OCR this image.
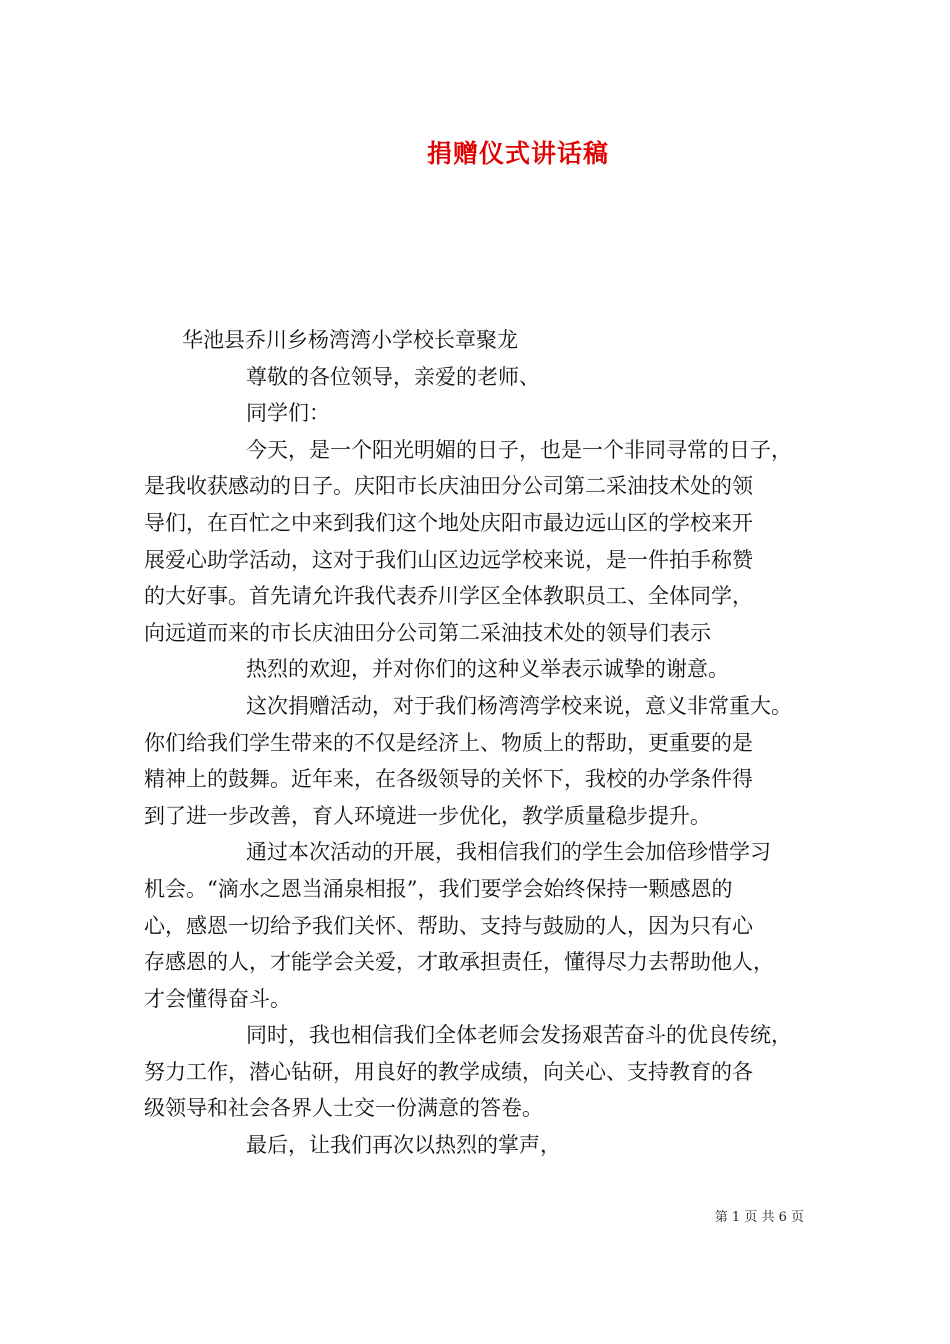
捐赠仪式讲话稿
华池县乔川乡杨湾湾小学校长章聚龙
尊敬的各位领导，亲爱的老师、
同学们：
今天，是一个阳光明媚的日子，也是一个非同寻常的日子，
是我收获感动的日子。庆阳市长庆油田分公司第二采油技术处的领
导们，在百忙之中来到我们这个地处庆阳市最边远山区的学校来开
展爱心助学活动，这对于我们山区边远学校来说，是一件拍手称赞
的大好事。首先请允许我代表乔川学区全体教职员工、全体同学，
向远道而来的市长庆油田分公司第二采油技术处的领导们表示
热烈的欢迎，并对你们的这种义举表示诚挚的谢意。
这次捐赠活动，对于我们杨湾湾学校来说，意义非常重大。
你们给我们学生带来的不仅是经济上、物质上的帮助，更重要的是
精神上的鼓舞。近年来，在各级领导的关怀下，我校的办学条件得
到了进一步改善，育人环境进一步优化，教学质量稳步提升。
通过本次活动的开展，我相信我们的学生会加倍珍惜学习
机会。“滴水之恩当涌泉相报”，我们要学会始终保持一颗感恩的
心，感恩一切给予我们关怀、帮助、支持与鼓励的人，因为只有心
存感恩的人，才能学会关爱，才敢承担责任，懂得尽力去帮助他人，
才会懂得奋斗。
同时，我也相信我们全体老师会发扬艰苦奋斗的优良传统，
努力工作，潜心钻研，用良好的教学成绩，向关心、支持教育的各
级领导和社会各界人士交一份满意的答卷。
最后，让我们再次以热烈的掌声，
第 1 页 共 6 页
